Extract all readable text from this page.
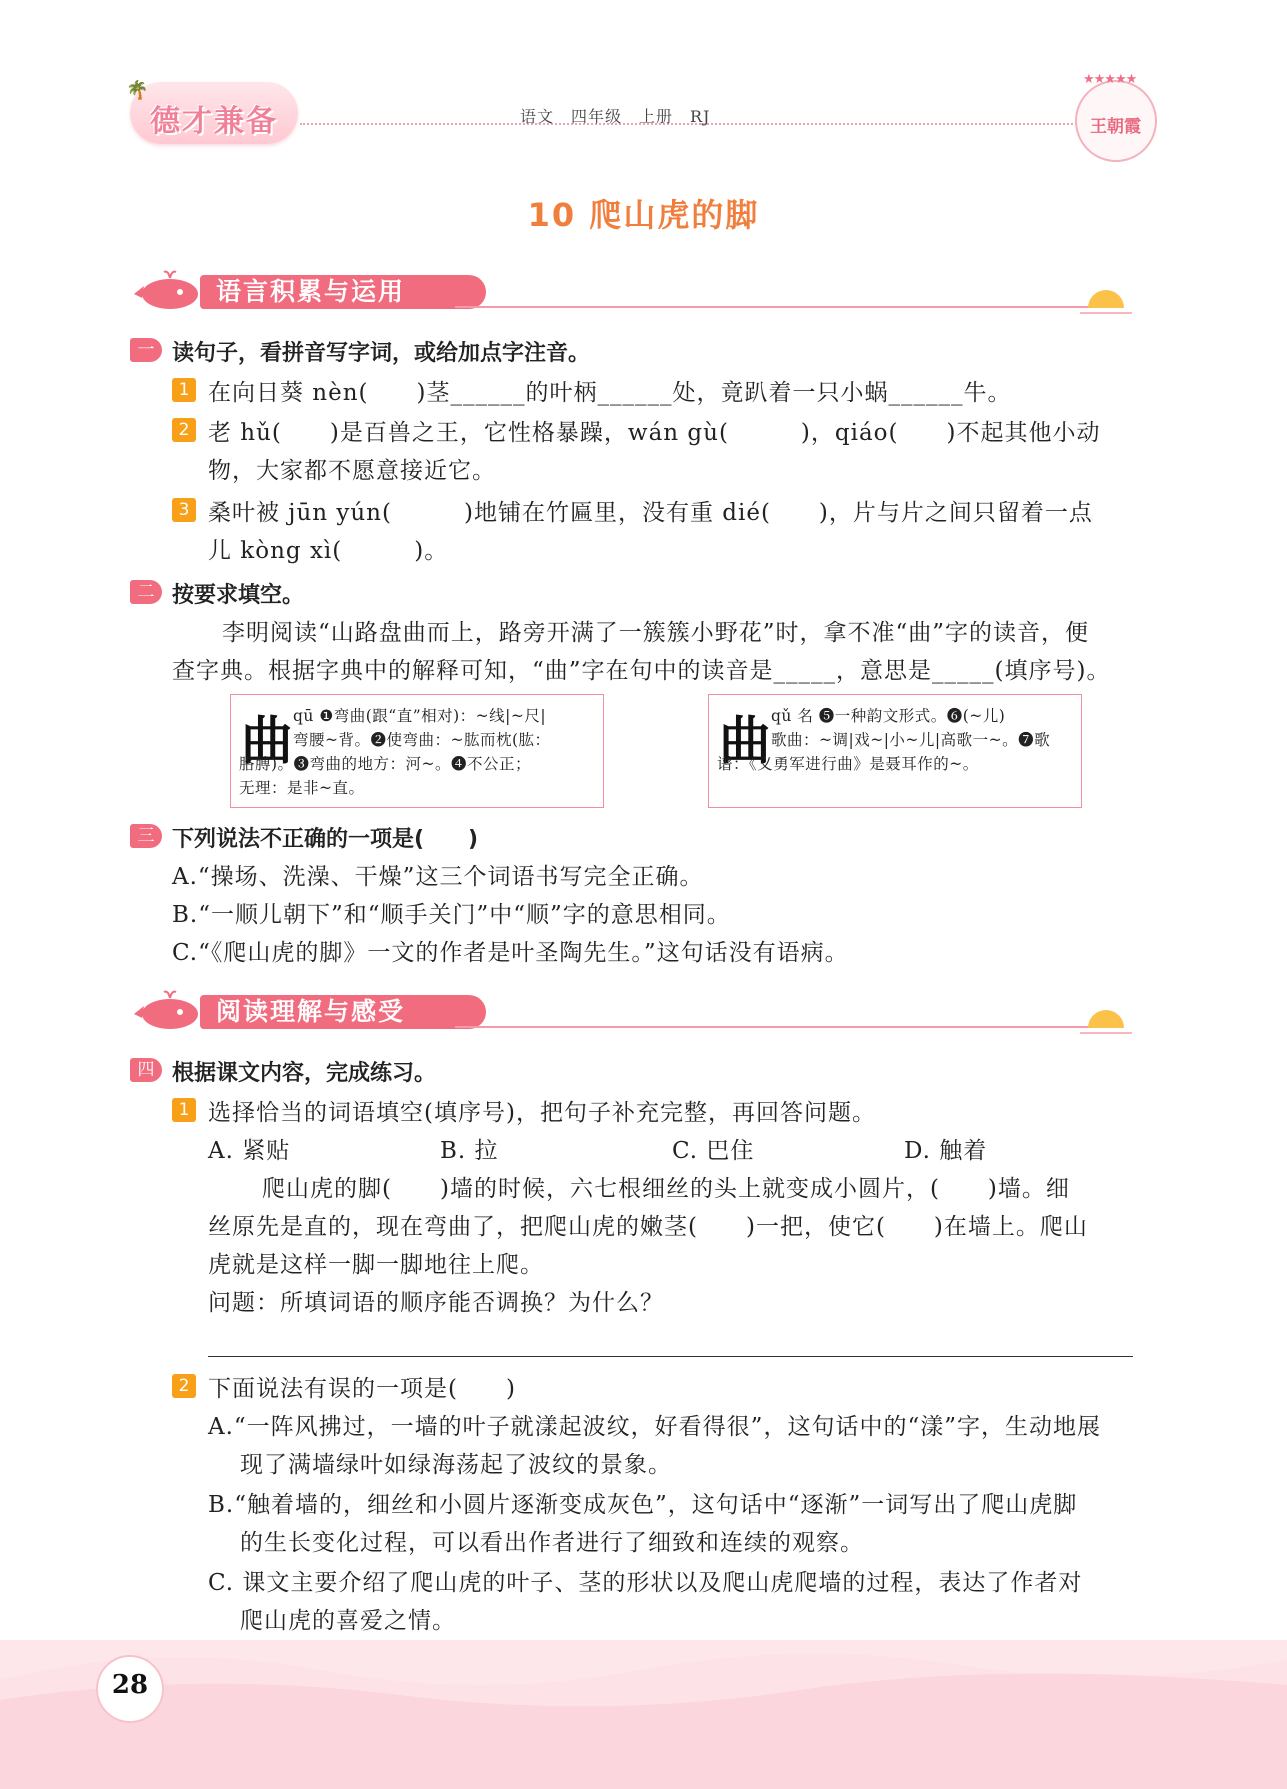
🌴
德才兼备	语文　四年级　上册　RJ
★★★★★
王朝霞
10 爬山虎的脚
语言积累与运用
一 读句子，看拼音写字词，或给加点字注音。
1 在向日葵 nèn(　　)茎______的叶柄______处，竟趴着一只小蜗______牛。
2 老 hǔ(　　)是百兽之王，它性格暴躁，wán gù(　　　)，qiáo(　　)不起其他小动
物，大家都不愿意接近它。
3 桑叶被 jūn yún(　　　)地铺在竹匾里，没有重 dié(　　)，片与片之间只留着一点
儿 kòng xì(　　　)。
二 按要求填空。
李明阅读“山路盘曲而上，路旁开满了一簇簇小野花”时，拿不准“曲”字的读音，便
查字典。根据字典中的解释可知，“曲”字在句中的读音是_____，意思是_____(填序号)。
曲 qū ❶弯曲(跟“直”相对)：~线|~尺|
弯腰~背。❷使弯曲：~肱而枕(肱：
胳膊)。❸弯曲的地方：河~。❹不公正；
无理：是非~直。
曲 qǔ 名 ❺一种韵文形式。❻(~儿)
歌曲：~调|戏~|小~儿|高歌一~。❼歌
谱：《义勇军进行曲》是聂耳作的~。
三 下列说法不正确的一项是(　　)
A.“操场、洗澡、干燥”这三个词语书写完全正确。
B.“一顺儿朝下”和“顺手关门”中“顺”字的意思相同。
C.“《爬山虎的脚》一文的作者是叶圣陶先生。”这句话没有语病。
阅读理解与感受
四 根据课文内容，完成练习。
1 选择恰当的词语填空(填序号)，把句子补充完整，再回答问题。
A. 紧贴	B. 拉	C. 巴住	D. 触着
爬山虎的脚(　　)墙的时候，六七根细丝的头上就变成小圆片，(　　)墙。细
丝原先是直的，现在弯曲了，把爬山虎的嫩茎(　　)一把，使它(　　)在墙上。爬山
虎就是这样一脚一脚地往上爬。
问题：所填词语的顺序能否调换？为什么？
2 下面说法有误的一项是(　　)
A.“一阵风拂过，一墙的叶子就漾起波纹，好看得很”，这句话中的“漾”字，生动地展
现了满墙绿叶如绿海荡起了波纹的景象。
B.“触着墙的，细丝和小圆片逐渐变成灰色”，这句话中“逐渐”一词写出了爬山虎脚
的生长变化过程，可以看出作者进行了细致和连续的观察。
C. 课文主要介绍了爬山虎的叶子、茎的形状以及爬山虎爬墙的过程，表达了作者对
爬山虎的喜爱之情。
28
